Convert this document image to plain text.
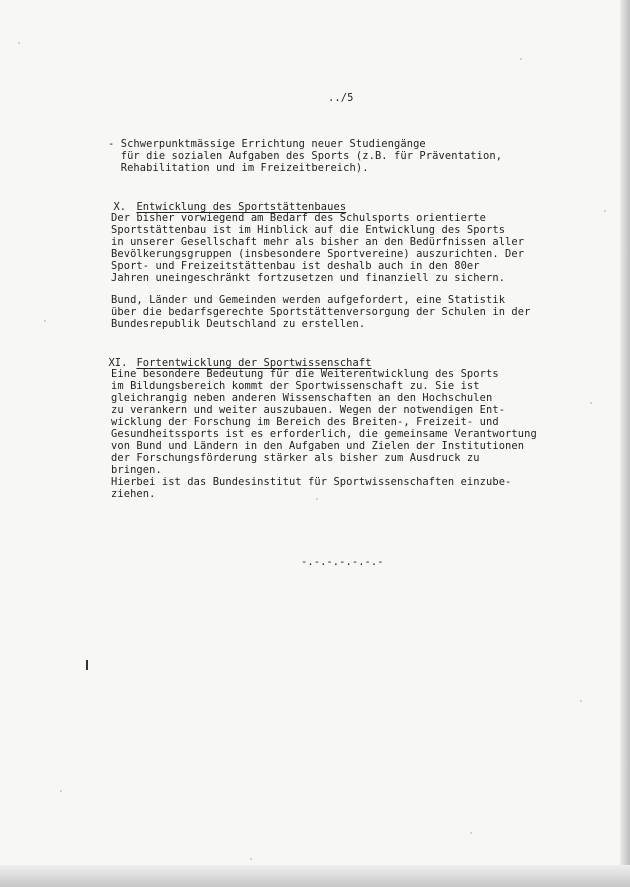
../5
- Schwerpunktmässige Errichtung neuer Studiengänge
für die sozialen Aufgaben des Sports (z.B. für Präventation,
Rehabilitation und im Freizeitbereich).

X. Entwicklung des Sportstättenbaues

Der bisher vorwiegend am Bedarf des Schulsports orientierte
Sportstättenbau ist im Hinblick auf die Entwicklung des Sports
in unserer Gesellschaft mehr als bisher an den Bedürfnissen aller
Bevölkerungsgruppen (insbesondere Sportvereine) auszurichten. Der
Sport- und Freizeitstättenbau ist deshalb auch in den 80er
Jahren uneingeschränkt fortzusetzen und finanziell zu sichern.
Bund, Länder und Gemeinden werden aufgefordert, eine Statistik
über die bedarfsgerechte Sportstättenversorgung der Schulen in der
Bundesrepublik Deutschland zu erstellen.

XI. Fortentwicklung der Sportwissenschaft

Eine besondere Bedeutung für die Weiterentwicklung des Sports
im Bildungsbereich kommt der Sportwissenschaft zu. Sie ist
gleichrangig neben anderen Wissenschaften an den Hochschulen
zu verankern und weiter auszubauen. Wegen der notwendigen Ent-
wicklung der Forschung im Bereich des Breiten-, Freizeit- und
Gesundheitssports ist es erforderlich, die gemeinsame Verantwortung
von Bund und Ländern in den Aufgaben und Zielen der Institutionen
der Forschungsförderung stärker als bisher zum Ausdruck zu
bringen.
Hierbei ist das Bundesinstitut für Sportwissenschaften einzube-
ziehen.
-.-.-.-.-.-.-
